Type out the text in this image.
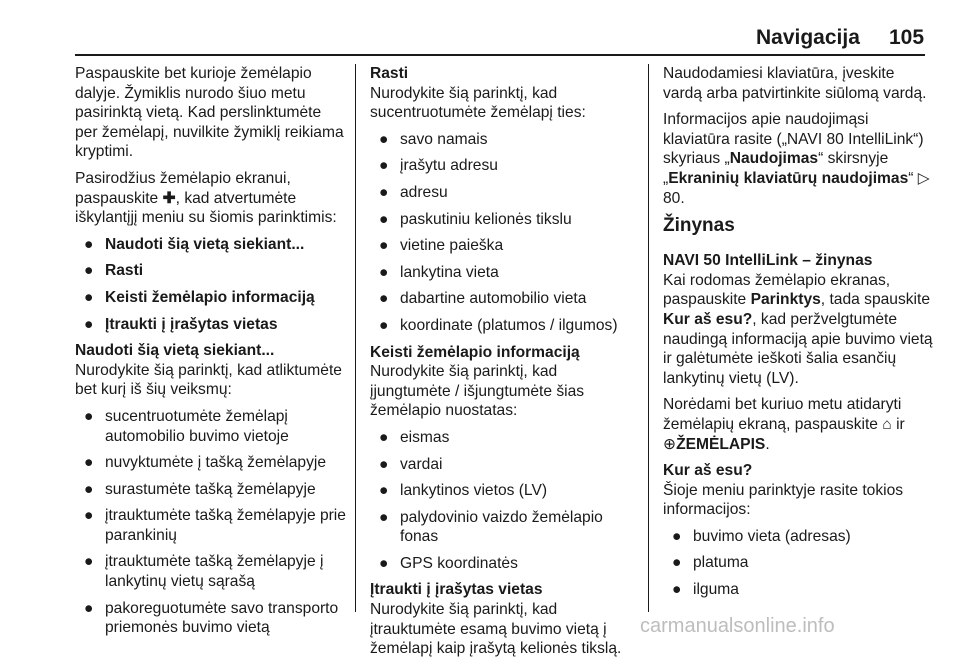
Navigacija 105

Paspauskite bet kurioje žemėlapio dalyje. Žymiklis nurodo šiuo metu pasirinktą vietą. Kad perslinktumėte per žemėlapį, nuvilkite žymiklį reikiama kryptimi.

Pasirodžius žemėlapio ekranui, paspauskite ✚, kad atvertumėte iškylantįjį meniu su šiomis parinktimis:

● Naudoti šią vietą siekiant...
● Rasti
● Keisti žemėlapio informaciją
● Įtraukti į įrašytas vietas
Naudoti šią vietą siekiant...

Nurodykite šią parinktį, kad atliktumėte bet kurį iš šių veiksmų:

● sucentruotumėte žemėlapį automobilio buvimo vietoje
● nuvyktumėte į tašką žemėlapyje
● surastumėte tašką žemėlapyje
● įtrauktumėte tašką žemėlapyje prie parankinių
● įtrauktumėte tašką žemėlapyje į lankytinų vietų sąrašą
● pakoreguotumėte savo transporto priemonės buvimo vietą
Rasti

Nurodykite šią parinktį, kad sucentruotumėte žemėlapį ties:

● savo namais
● įrašytu adresu
● adresu
● paskutiniu kelionės tikslu
● vietine paieška
● lankytina vieta
● dabartine automobilio vieta
● koordinate (platumos / ilgumos)
Keisti žemėlapio informaciją

Nurodykite šią parinktį, kad įjungtumėte / išjungtumėte šias žemėlapio nuostatas:

● eismas
● vardai
● lankytinos vietos (LV)
● palydovinio vaizdo žemėlapio fonas
● GPS koordinatės
Įtraukti į įrašytas vietas

Nurodykite šią parinktį, kad įtrauktumėte esamą buvimo vietą į žemėlapį kaip įrašytą kelionės tikslą.

Naudodamiesi klaviatūra, įveskite vardą arba patvirtinkite siūlomą vardą.

Informacijos apie naudojimąsi klaviatūra rasite („NAVI 80 IntelliLink“) skyriaus „Naudojimas“ skirsnyje „Ekraninių klaviatūrų naudojimas“ ▷ 80.

Žinynas
NAVI 50 IntelliLink – žinynas

Kai rodomas žemėlapio ekranas, paspauskite Parinktys, tada spauskite Kur aš esu?, kad peržvelgtumėte naudingą informaciją apie buvimo vietą ir galėtumėte ieškoti šalia esančių lankytinų vietų (LV).

Norėdami bet kuriuo metu atidaryti žemėlapių ekraną, paspauskite ⌂ ir
⊕ŽEMĖLAPIS.

Kur aš esu?

Šioje meniu parinktyje rasite tokios informacijos:

● buvimo vieta (adresas)
● platuma
● ilguma
carmanualsonline.info
